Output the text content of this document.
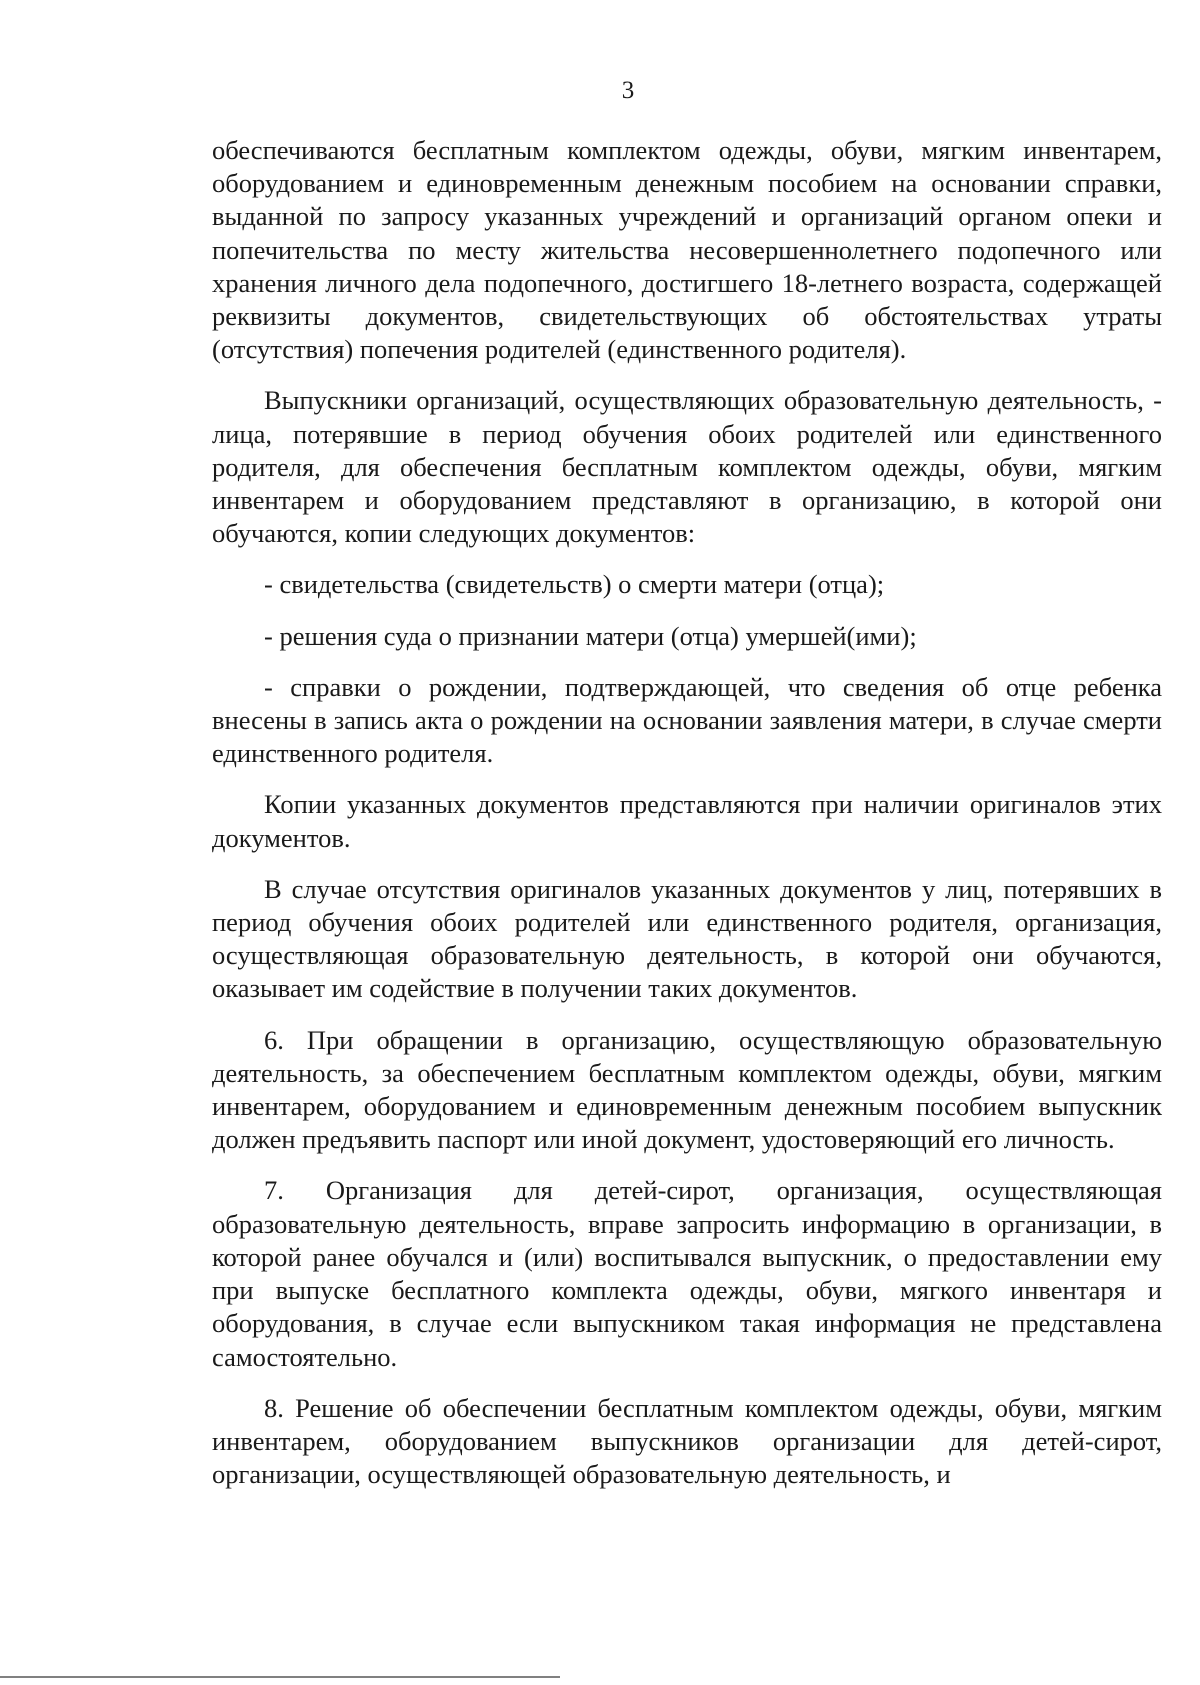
3

обеспечиваются бесплатным комплектом одежды, обуви, мягким инвентарем, оборудованием и единовременным денежным пособием на основании справки, выданной по запросу указанных учреждений и организаций органом опеки и попечительства по месту жительства несовершеннолетнего подопечного или хранения личного дела подопечного, достигшего 18-летнего возраста, содержащей реквизиты документов, свидетельствующих об обстоятельствах утраты (отсутствия) попечения родителей (единственного родителя).

Выпускники организаций, осуществляющих образовательную деятельность, - лица, потерявшие в период обучения обоих родителей или единственного родителя, для обеспечения бесплатным комплектом одежды, обуви, мягким инвентарем и оборудованием представляют в организацию, в которой они обучаются, копии следующих документов:

- свидетельства (свидетельств) о смерти матери (отца);

- решения суда о признании матери (отца) умершей(ими);

- справки о рождении, подтверждающей, что сведения об отце ребенка внесены в запись акта о рождении на основании заявления матери, в случае смерти единственного родителя.

Копии указанных документов представляются при наличии оригиналов этих документов.

В случае отсутствия оригиналов указанных документов у лиц, потерявших в период обучения обоих родителей или единственного родителя, организация, осуществляющая образовательную деятельность, в которой они обучаются, оказывает им содействие в получении таких документов.

6. При обращении в организацию, осуществляющую образовательную деятельность, за обеспечением бесплатным комплектом одежды, обуви, мягким инвентарем, оборудованием и единовременным денежным пособием выпускник должен предъявить паспорт или иной документ, удостоверяющий его личность.

7. Организация для детей-сирот, организация, осуществляющая образовательную деятельность, вправе запросить информацию в организации, в которой ранее обучался и (или) воспитывался выпускник, о предоставлении ему при выпуске бесплатного комплекта одежды, обуви, мягкого инвентаря и оборудования, в случае если выпускником такая информация не представлена самостоятельно.

8. Решение об обеспечении бесплатным комплектом одежды, обуви, мягким инвентарем, оборудованием выпускников организации для детей-сирот, организации, осуществляющей образовательную деятельность, и
